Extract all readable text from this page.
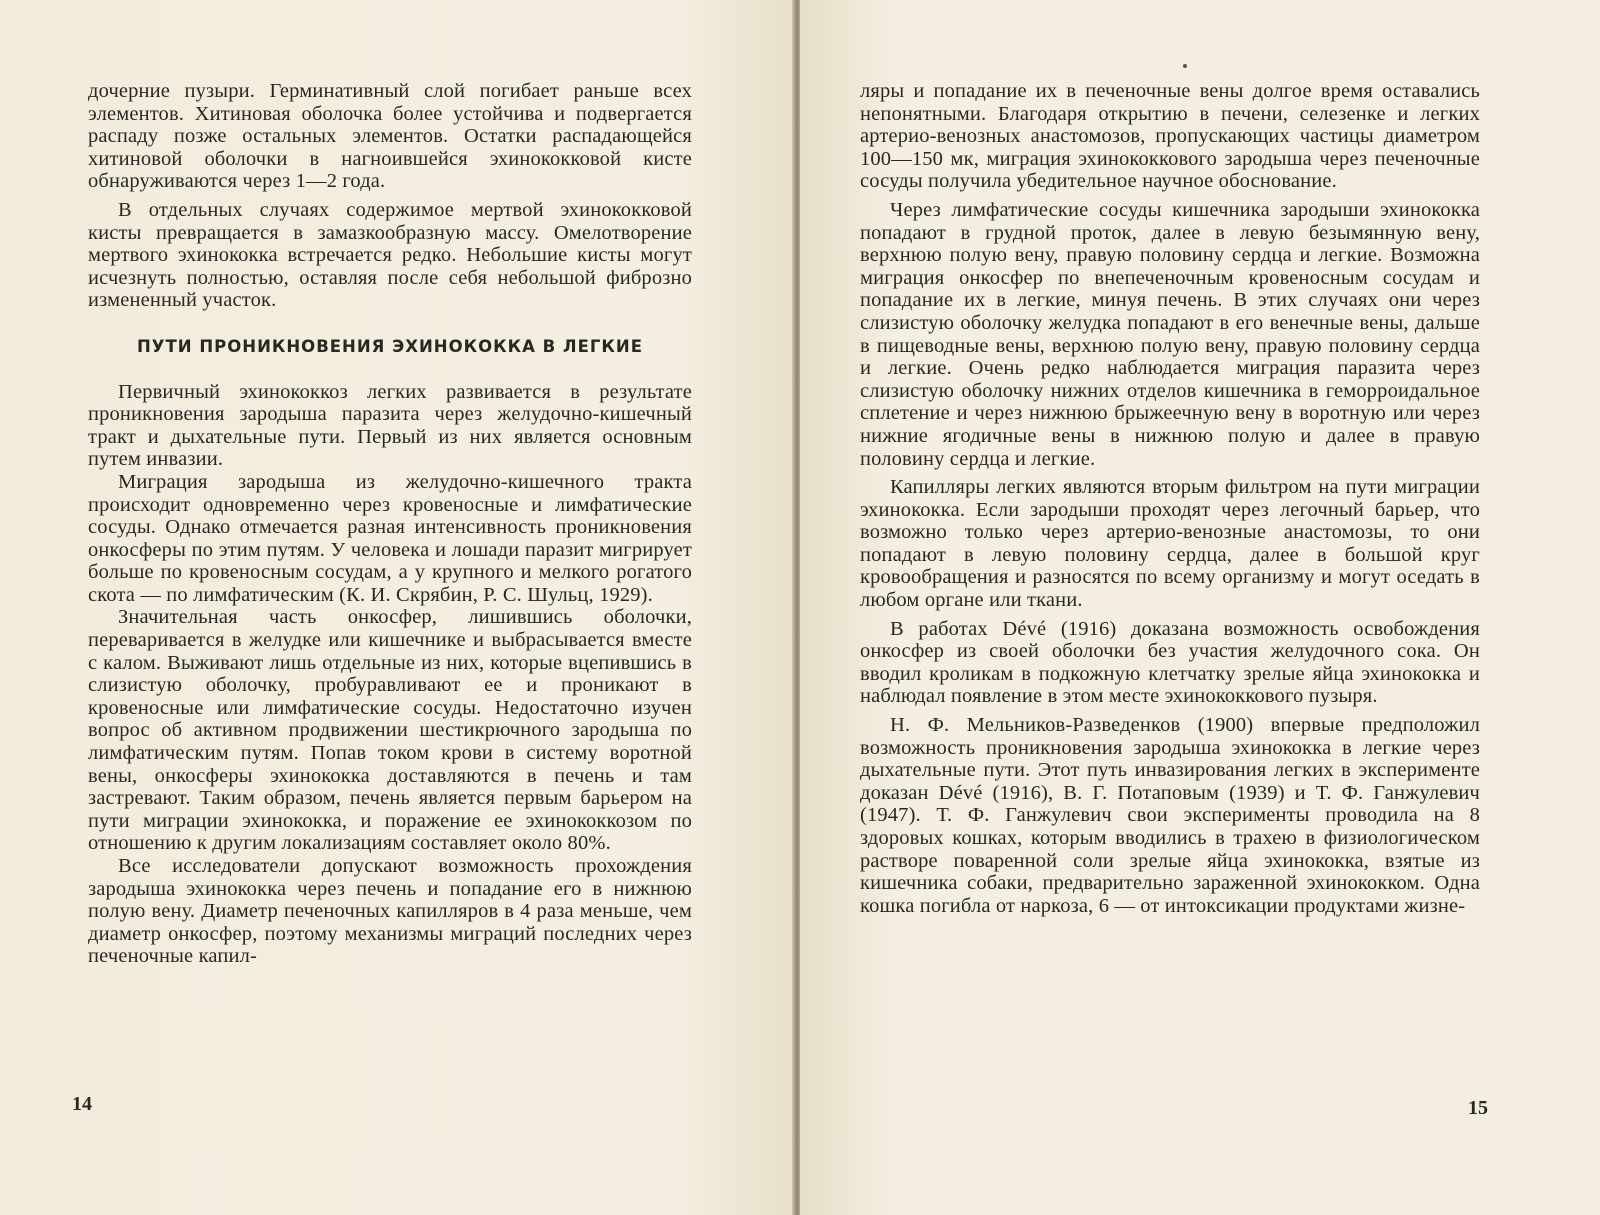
дочерние пузыри. Герминативный слой погибает раньше всех элементов. Хитиновая оболочка более устойчива и подвергается распаду позже остальных элементов. Остатки распадающейся хитиновой оболочки в нагноившейся эхинококковой кисте обнаруживаются через 1—2 года.

В отдельных случаях содержимое мертвой эхинококковой кисты превращается в замазкообразную массу. Омелотворение мертвого эхинококка встречается редко. Небольшие кисты могут исчезнуть полностью, оставляя после себя небольшой фиброзно измененный участок.

ПУТИ ПРОНИКНОВЕНИЯ ЭХИНОКОККА В ЛЕГКИЕ

Первичный эхинококкоз легких развивается в результате проникновения зародыша паразита через желудочно-кишечный тракт и дыхательные пути. Первый из них является основным путем инвазии.

Миграция зародыша из желудочно-кишечного тракта происходит одновременно через кровеносные и лимфатические сосуды. Однако отмечается разная интенсивность проникновения онкосферы по этим путям. У человека и лошади паразит мигрирует больше по кровеносным сосудам, а у крупного и мелкого рогатого скота — по лимфатическим (К. И. Скрябин, Р. С. Шульц, 1929).

Значительная часть онкосфер, лишившись оболочки, переваривается в желудке или кишечнике и выбрасывается вместе с калом. Выживают лишь отдельные из них, которые вцепившись в слизистую оболочку, пробуравливают ее и проникают в кровеносные или лимфатические сосуды. Недостаточно изучен вопрос об активном продвижении шестикрючного зародыша по лимфатическим путям. Попав током крови в систему воротной вены, онкосферы эхинококка доставляются в печень и там застревают. Таким образом, печень является первым барьером на пути миграции эхинококка, и поражение ее эхинококкозом по отношению к другим локализациям составляет около 80%.

Все исследователи допускают возможность прохождения зародыша эхинококка через печень и попадание его в нижнюю полую вену. Диаметр печеночных капилляров в 4 раза меньше, чем диаметр онкосфер, поэтому механизмы миграций последних через печеночные капил-

14

ляры и попадание их в печеночные вены долгое время оставались непонятными. Благодаря открытию в печени, селезенке и легких артерио-венозных анастомозов, пропускающих частицы диаметром 100—150 мк, миграция эхинококкового зародыша через печеночные сосуды получила убедительное научное обоснование.

Через лимфатические сосуды кишечника зародыши эхинококка попадают в грудной проток, далее в левую безымянную вену, верхнюю полую вену, правую половину сердца и легкие. Возможна миграция онкосфер по внепеченочным кровеносным сосудам и попадание их в легкие, минуя печень. В этих случаях они через слизистую оболочку желудка попадают в его венечные вены, дальше в пищеводные вены, верхнюю полую вену, правую половину сердца и легкие. Очень редко наблюдается миграция паразита через слизистую оболочку нижних отделов кишечника в геморроидальное сплетение и через нижнюю брыжеечную вену в воротную или через нижние ягодичные вены в нижнюю полую и далее в правую половину сердца и легкие.

Капилляры легких являются вторым фильтром на пути миграции эхинококка. Если зародыши проходят через легочный барьер, что возможно только через артерио-венозные анастомозы, то они попадают в левую половину сердца, далее в большой круг кровообращения и разносятся по всему организму и могут оседать в любом органе или ткани.

В работах Dévé (1916) доказана возможность освобождения онкосфер из своей оболочки без участия желудочного сока. Он вводил кроликам в подкожную клетчатку зрелые яйца эхинококка и наблюдал появление в этом месте эхинококкового пузыря.

Н. Ф. Мельников-Разведенков (1900) впервые предположил возможность проникновения зародыша эхинококка в легкие через дыхательные пути. Этот путь инвазирования легких в эксперименте доказан Dévé (1916), В. Г. Потаповым (1939) и Т. Ф. Ганжулевич (1947). Т. Ф. Ганжулевич свои эксперименты проводила на 8 здоровых кошках, которым вводились в трахею в физиологическом растворе поваренной соли зрелые яйца эхинококка, взятые из кишечника собаки, предварительно зараженной эхинококком. Одна кошка погибла от наркоза, 6 — от интоксикации продуктами жизне-

15
